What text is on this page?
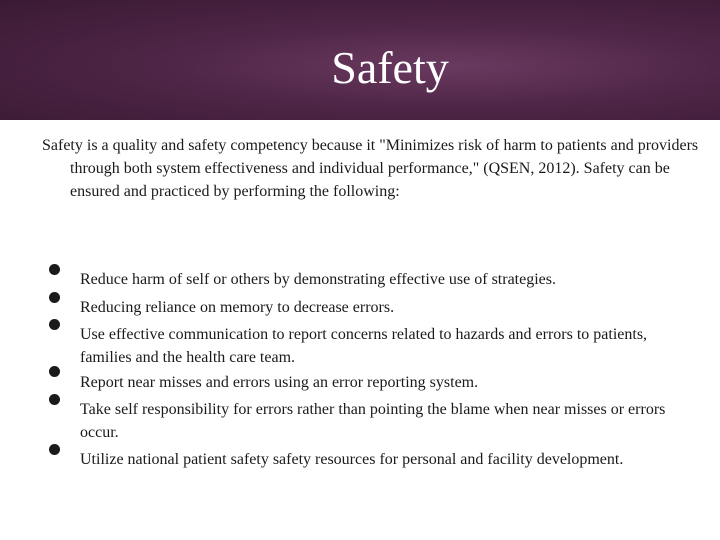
Safety

Safety is a quality and safety competency because it "Minimizes risk of harm to patients and providers through both system effectiveness and individual performance," (QSEN, 2012). Safety can be ensured and practiced by performing the following:

Reduce harm of self or others by demonstrating effective use of strategies.
Reducing reliance on memory to decrease errors.
Use effective communication to report concerns related to hazards and errors to patients, families and the health care team.
Report near misses and errors using an error reporting system.
Take self responsibility for errors rather than pointing the blame when near misses or errors occur.
Utilize national patient safety safety resources for personal and facility development.
